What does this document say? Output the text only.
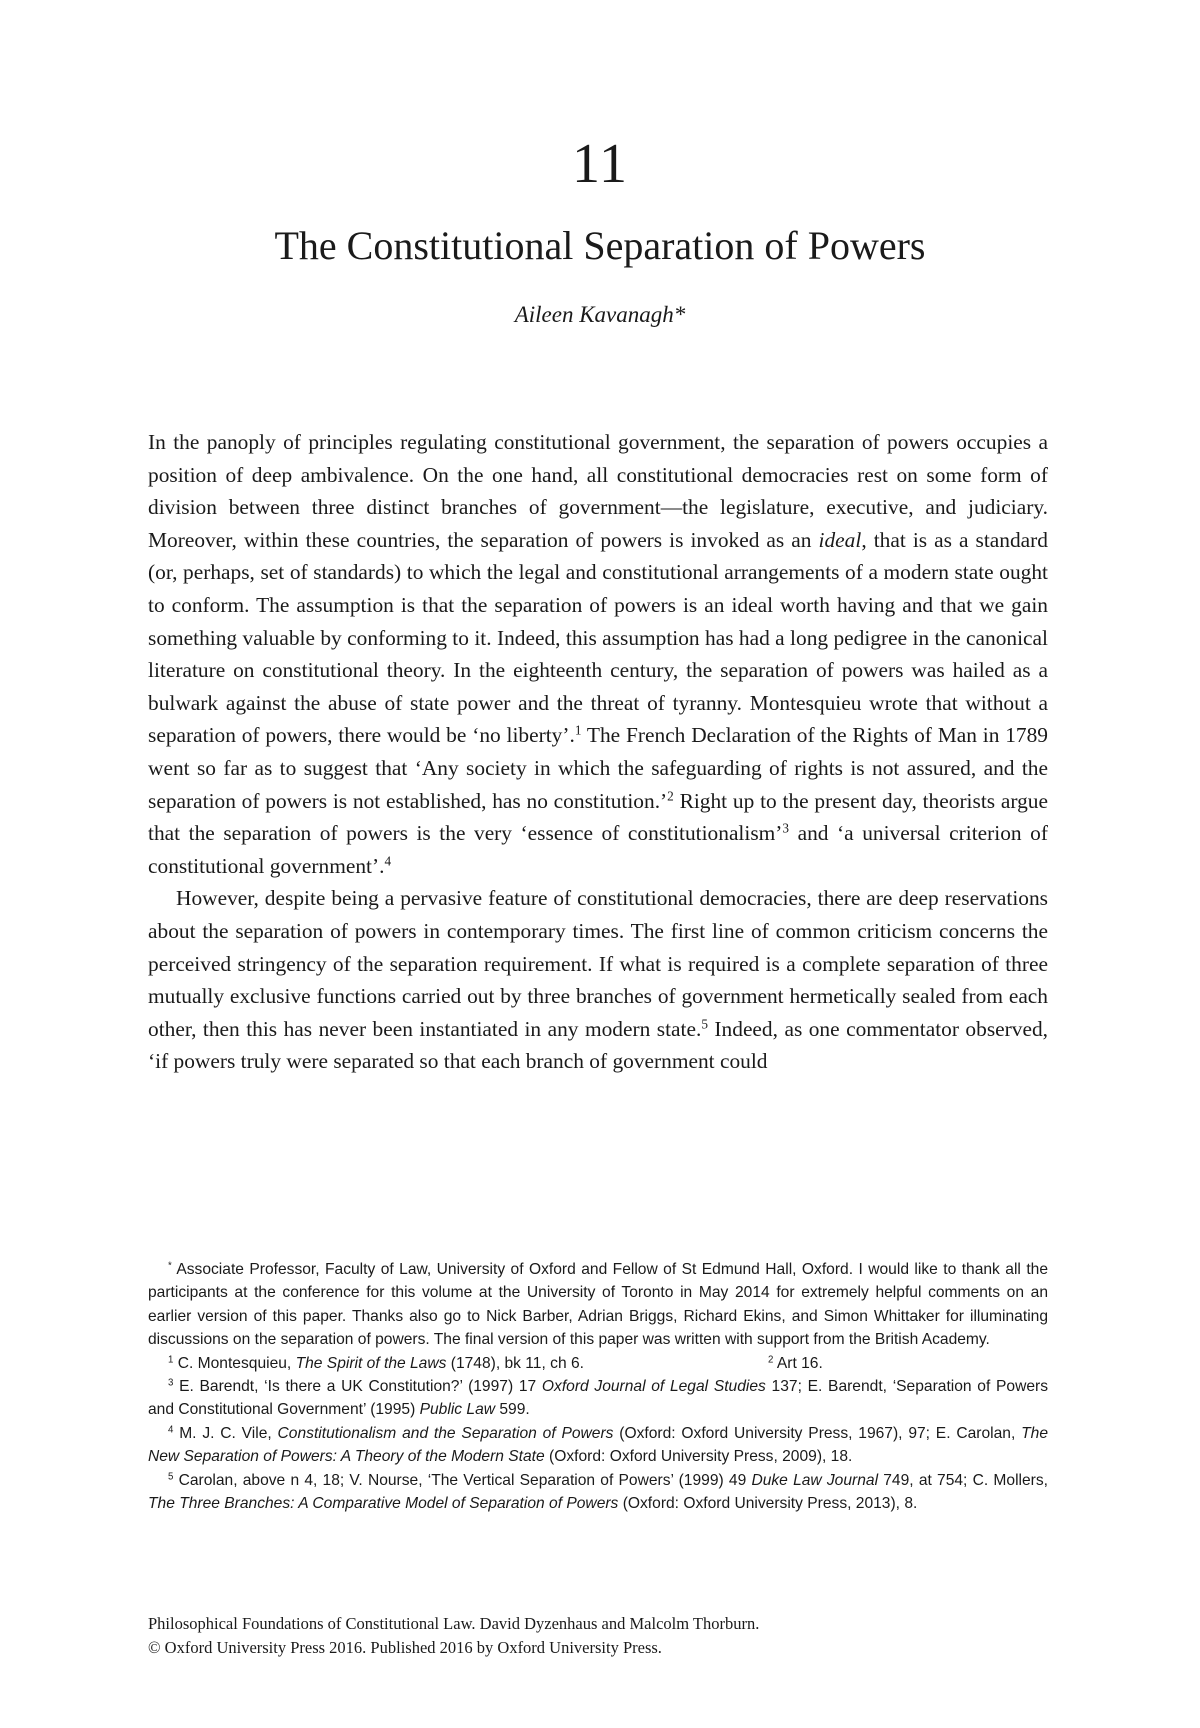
11
The Constitutional Separation of Powers
Aileen Kavanagh*

In the panoply of principles regulating constitutional government, the separation of powers occupies a position of deep ambivalence. On the one hand, all constitutional democracies rest on some form of division between three distinct branches of government—the legislature, executive, and judiciary. Moreover, within these countries, the separation of powers is invoked as an ideal, that is as a standard (or, perhaps, set of standards) to which the legal and constitutional arrangements of a modern state ought to conform. The assumption is that the separation of powers is an ideal worth having and that we gain something valuable by conforming to it. Indeed, this assumption has had a long pedigree in the canonical literature on constitutional theory. In the eighteenth century, the separation of powers was hailed as a bulwark against the abuse of state power and the threat of tyranny. Montesquieu wrote that without a separation of powers, there would be ‘no liberty’.$^1$ The French Declaration of the Rights of Man in 1789 went so far as to suggest that ‘Any society in which the safeguarding of rights is not assured, and the separation of powers is not established, has no constitution.’$^2$ Right up to the present day, theorists argue that the separation of powers is the very ‘essence of constitutionalism’$^3$ and ‘a universal criterion of constitutional government’.$^4$

However, despite being a pervasive feature of constitutional democracies, there are deep reservations about the separation of powers in contemporary times. The first line of common criticism concerns the perceived stringency of the separation requirement. If what is required is a complete separation of three mutually exclusive functions carried out by three branches of government hermetically sealed from each other, then this has never been instantiated in any modern state.$^5$ Indeed, as one commentator observed, ‘if powers truly were separated so that each branch of government could

* Associate Professor, Faculty of Law, University of Oxford and Fellow of St Edmund Hall, Oxford. I would like to thank all the participants at the conference for this volume at the University of Toronto in May 2014 for extremely helpful comments on an earlier version of this paper. Thanks also go to Nick Barber, Adrian Briggs, Richard Ekins, and Simon Whittaker for illuminating discussions on the separation of powers. The final version of this paper was written with support from the British Academy.

$^1$ C. Montesquieu, The Spirit of the Laws (1748), bk 11, ch 6.	$^2$ Art 16.

$^3$ E. Barendt, ‘Is there a UK Constitution?’ (1997) 17 Oxford Journal of Legal Studies 137; E. Barendt, ‘Separation of Powers and Constitutional Government’ (1995) Public Law 599.

$^4$ M. J. C. Vile, Constitutionalism and the Separation of Powers (Oxford: Oxford University Press, 1967), 97; E. Carolan, The New Separation of Powers: A Theory of the Modern State (Oxford: Oxford University Press, 2009), 18.

$^5$ Carolan, above n 4, 18; V. Nourse, ‘The Vertical Separation of Powers’ (1999) 49 Duke Law Journal 749, at 754; C. Mollers, The Three Branches: A Comparative Model of Separation of Powers (Oxford: Oxford University Press, 2013), 8.

Philosophical Foundations of Constitutional Law. David Dyzenhaus and Malcolm Thorburn.
© Oxford University Press 2016. Published 2016 by Oxford University Press.
